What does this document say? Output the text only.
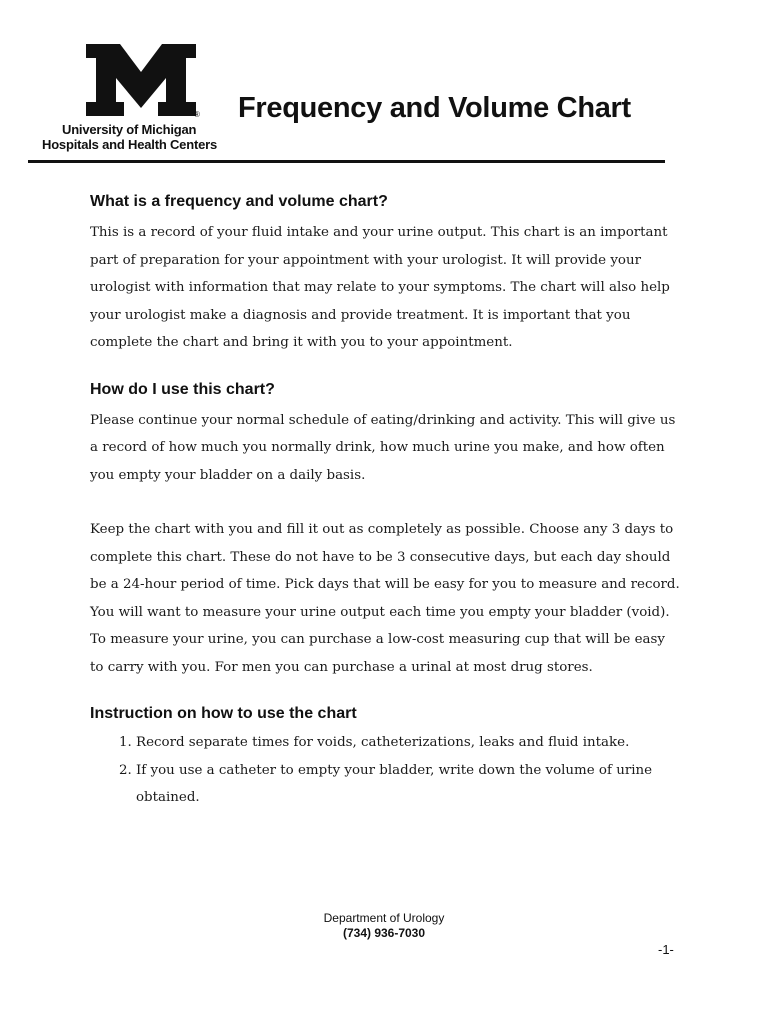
®
University of Michigan
Hospitals and Health Centers
Frequency and Volume Chart
What is a frequency and volume chart?

This is a record of your fluid intake and your urine output. This chart is an important part of preparation for your appointment with your urologist. It will provide your urologist with information that may relate to your symptoms. The chart will also help your urologist make a diagnosis and provide treatment. It is important that you complete the chart and bring it with you to your appointment.

How do I use this chart?

Please continue your normal schedule of eating/drinking and activity. This will give us a record of how much you normally drink, how much urine you make, and how often you empty your bladder on a daily basis.

Keep the chart with you and fill it out as completely as possible. Choose any 3 days to complete this chart. These do not have to be 3 consecutive days, but each day should be a 24-hour period of time. Pick days that will be easy for you to measure and record. You will want to measure your urine output each time you empty your bladder (void). To measure your urine, you can purchase a low-cost measuring cup that will be easy to carry with you. For men you can purchase a urinal at most drug stores.

Instruction on how to use the chart
1. Record separate times for voids, catheterizations, leaks and fluid intake.
2. If you use a catheter to empty your bladder, write down the volume of urine obtained.
Department of Urology
(734) 936-7030
-1-
